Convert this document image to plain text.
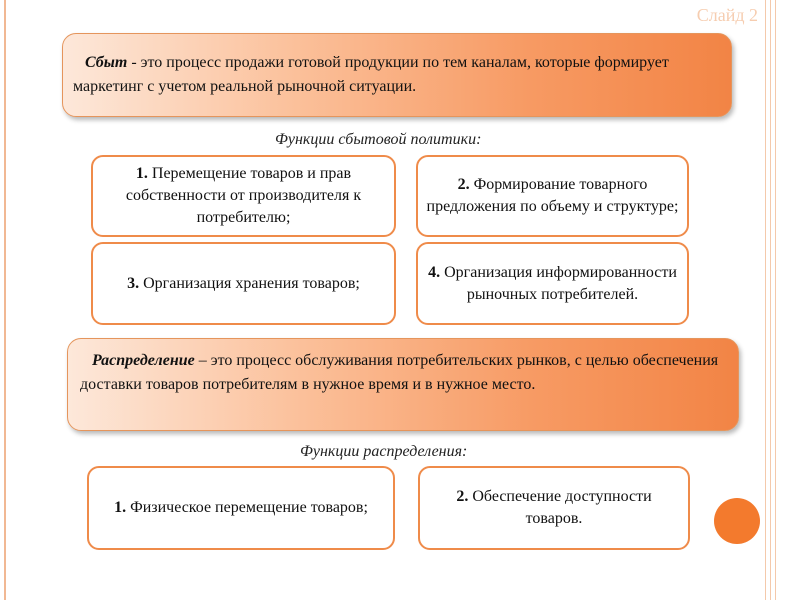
Слайд 2
Сбыт - это процесс продажи готовой продукции по тем каналам, которые формирует маркетинг с учетом реальной рыночной ситуации.
Функции сбытовой политики:
1. Перемещение товаров и прав собственности от производителя к потребителю;
2. Формирование товарного предложения по объему и структуре;
3. Организация хранения товаров;
4. Организация информированности рыночных потребителей.
Распределение – это процесс обслуживания потребительских рынков, с целью обеспечения доставки товаров потребителям в нужное время и в нужное место.
Функции распределения:
1. Физическое перемещение товаров;
2. Обеспечение доступности товаров.
